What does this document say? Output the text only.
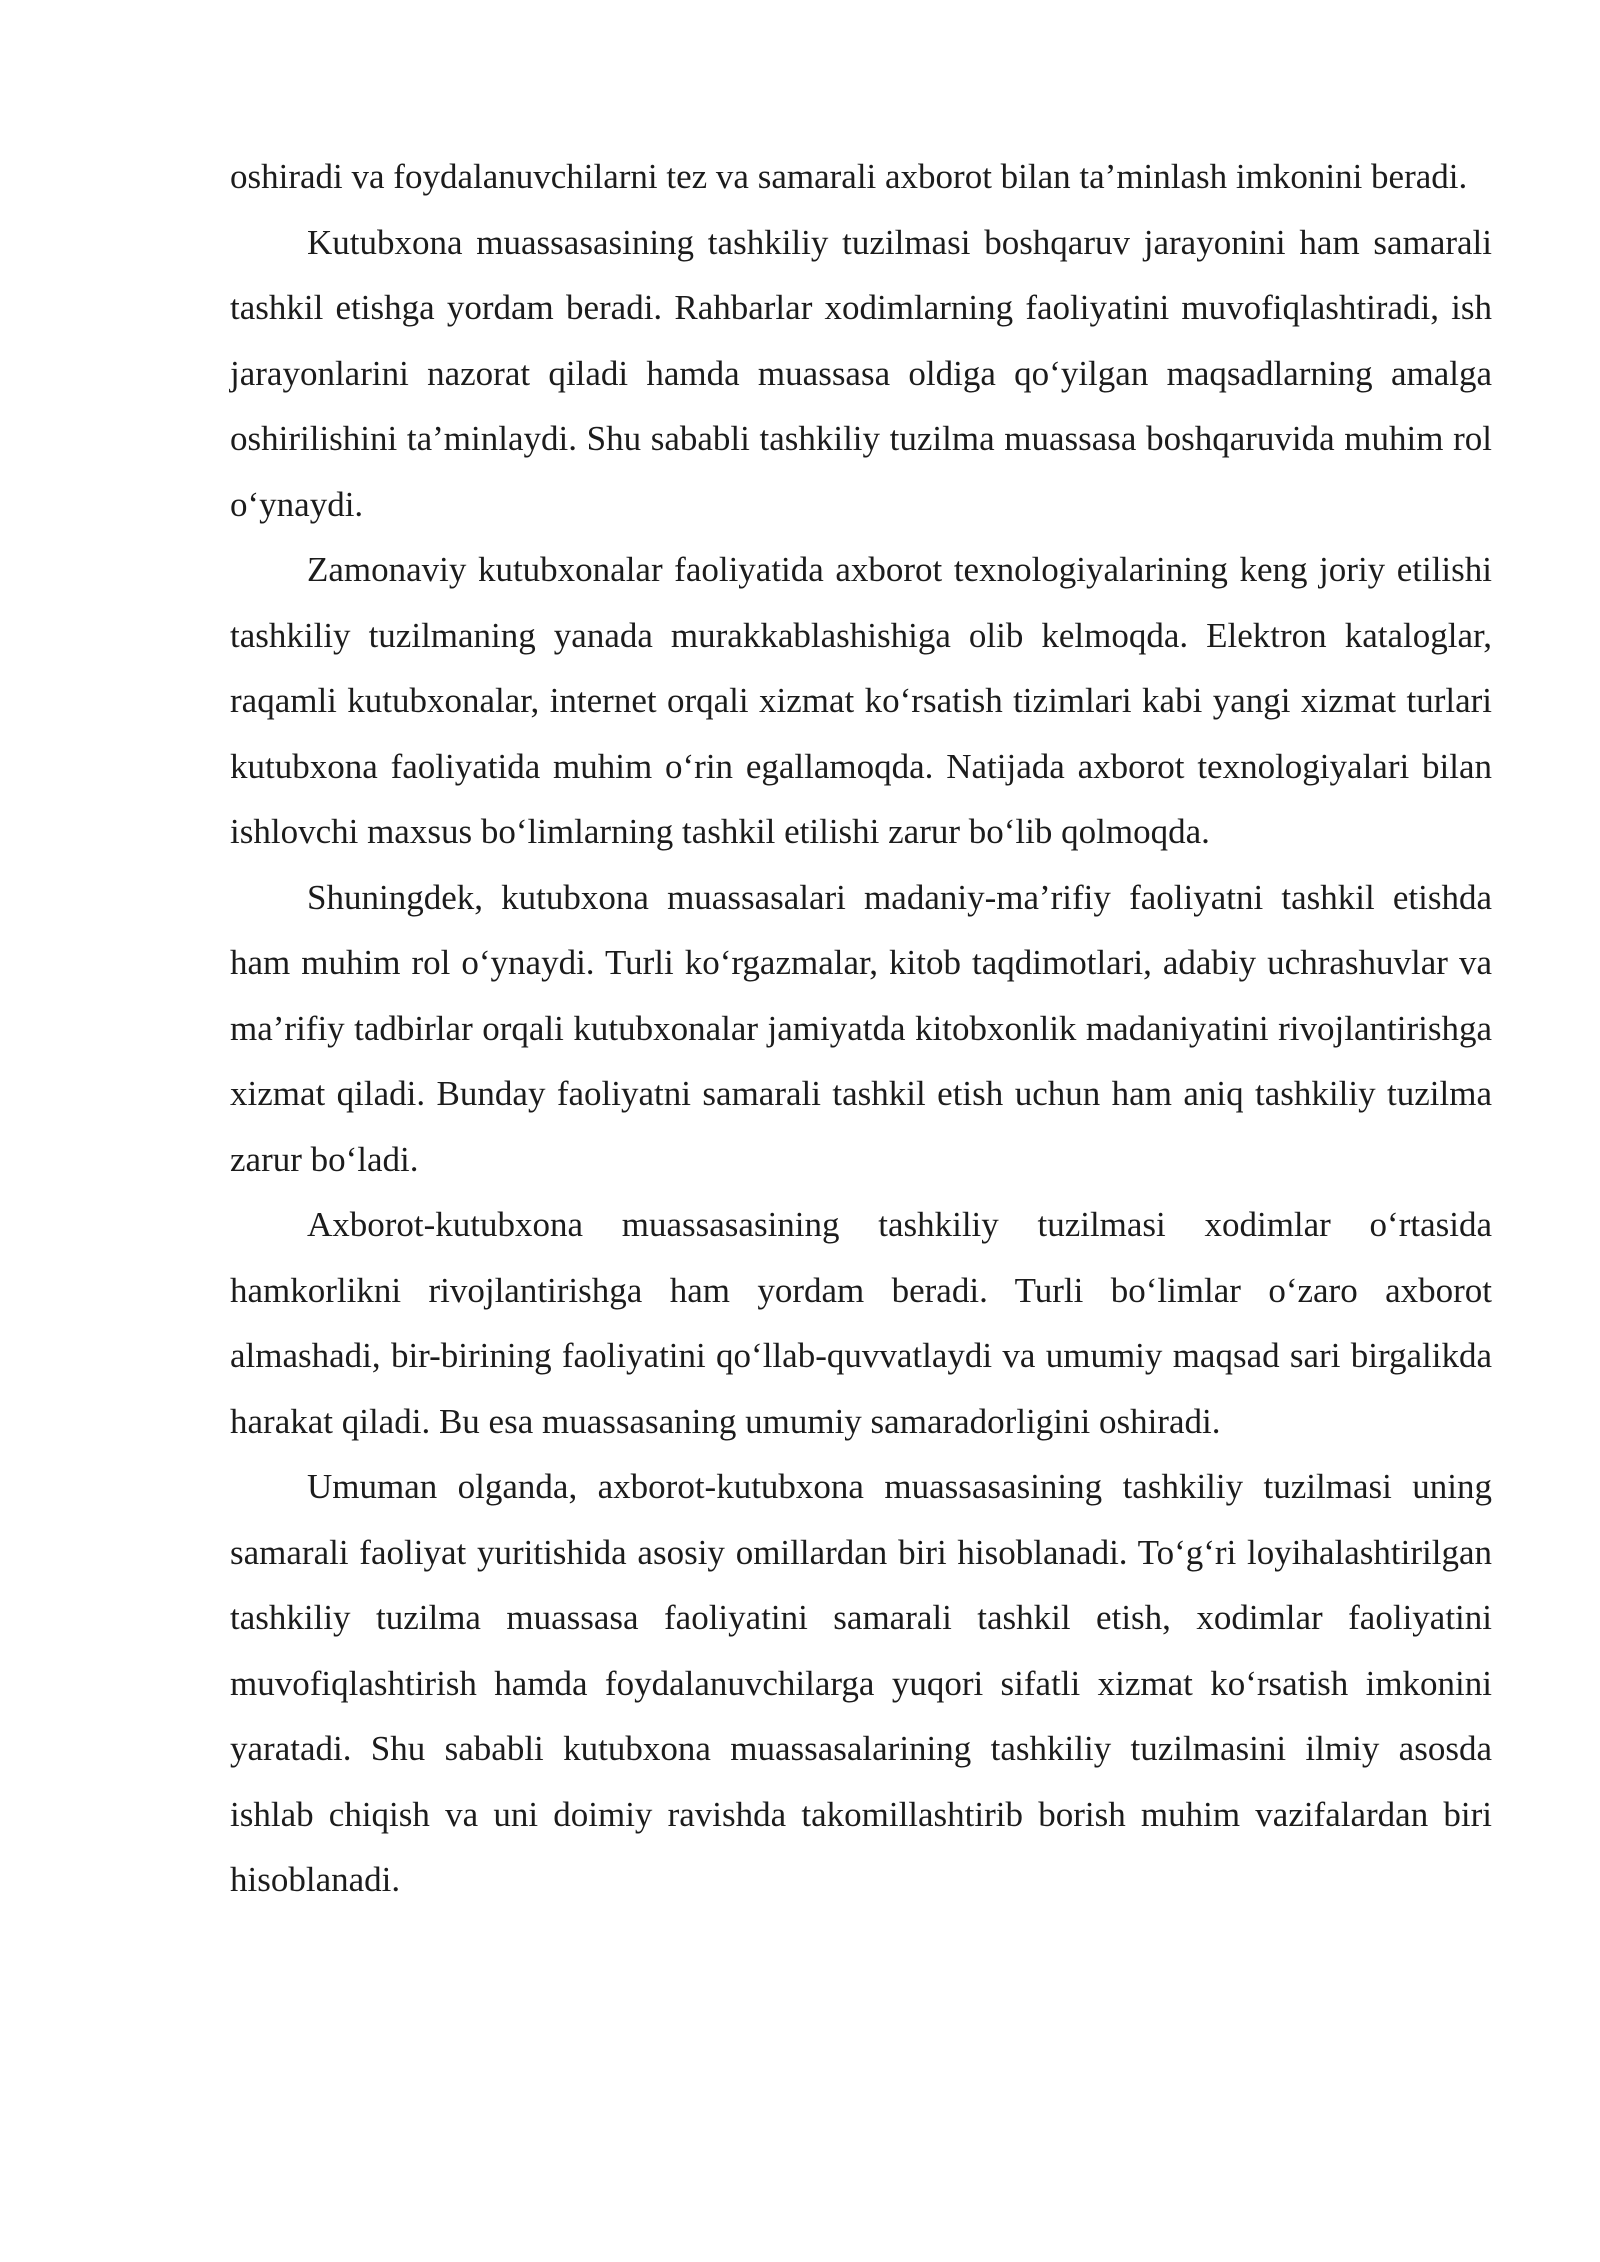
oshiradi va foydalanuvchilarni tez va samarali axborot bilan ta’minlash imkonini beradi.

Kutubxona muassasasining tashkiliy tuzilmasi boshqaruv jarayonini ham samarali tashkil etishga yordam beradi. Rahbarlar xodimlarning faoliyatini muvofiqlashtiradi, ish jarayonlarini nazorat qiladi hamda muassasa oldiga qoʻyilgan maqsadlarning amalga oshirilishini ta’minlaydi. Shu sababli tashkiliy tuzilma muassasa boshqaruvida muhim rol oʻynaydi.

Zamonaviy kutubxonalar faoliyatida axborot texnologiyalarining keng joriy etilishi tashkiliy tuzilmaning yanada murakkablashishiga olib kelmoqda. Elektron kataloglar, raqamli kutubxonalar, internet orqali xizmat koʻrsatish tizimlari kabi yangi xizmat turlari kutubxona faoliyatida muhim oʻrin egallamoqda. Natijada axborot texnologiyalari bilan ishlovchi maxsus boʻlimlarning tashkil etilishi zarur boʻlib qolmoqda.

Shuningdek, kutubxona muassasalari madaniy-ma’rifiy faoliyatni tashkil etishda ham muhim rol oʻynaydi. Turli koʻrgazmalar, kitob taqdimotlari, adabiy uchrashuvlar va ma’rifiy tadbirlar orqali kutubxonalar jamiyatda kitobxonlik madaniyatini rivojlantirishga xizmat qiladi. Bunday faoliyatni samarali tashkil etish uchun ham aniq tashkiliy tuzilma zarur boʻladi.

Axborot-kutubxona muassasasining tashkiliy tuzilmasi xodimlar oʻrtasida hamkorlikni rivojlantirishga ham yordam beradi. Turli boʻlimlar oʻzaro axborot almashadi, bir-birining faoliyatini qoʻllab-quvvatlaydi va umumiy maqsad sari birgalikda harakat qiladi. Bu esa muassasaning umumiy samaradorligini oshiradi.

Umuman olganda, axborot-kutubxona muassasasining tashkiliy tuzilmasi uning samarali faoliyat yuritishida asosiy omillardan biri hisoblanadi. Toʻgʻri loyihalashtirilgan tashkiliy tuzilma muassasa faoliyatini samarali tashkil etish, xodimlar faoliyatini muvofiqlashtirish hamda foydalanuvchilarga yuqori sifatli xizmat koʻrsatish imkonini yaratadi. Shu sababli kutubxona muassasalarining tashkiliy tuzilmasini ilmiy asosda ishlab chiqish va uni doimiy ravishda takomillashtirib borish muhim vazifalardan biri hisoblanadi.
